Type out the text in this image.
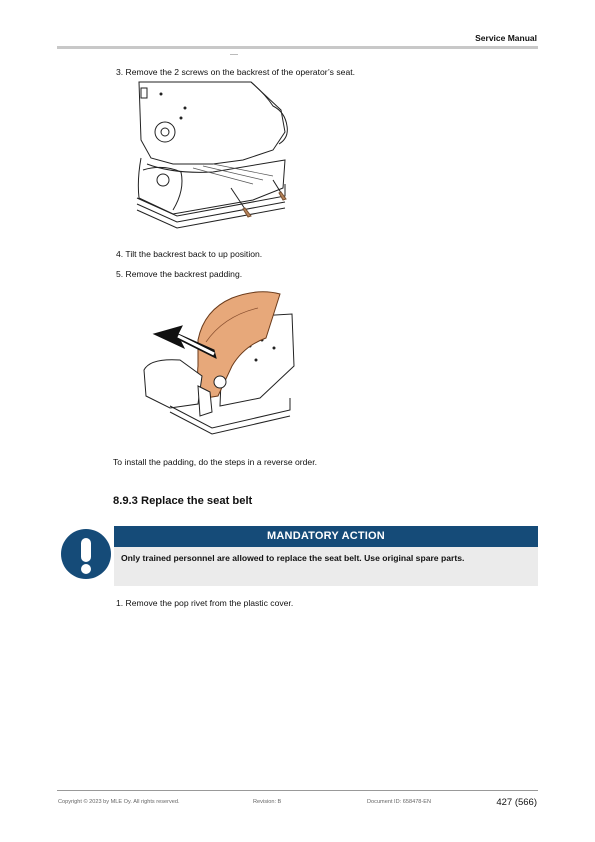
Service Manual
3. Remove the 2 screws on the backrest of the operator’s seat.
4. Tilt the backrest back to up position.
5. Remove the backrest padding.
To install the padding, do the steps in a reverse order.
8.9.3 Replace the seat belt
MANDATORY ACTION
Only trained personnel are allowed to replace the seat belt. Use original spare parts.
1. Remove the pop rivet from the plastic cover.
Copyright © 2023 by MLE Oy. All rights reserved.	Revision: B	Document ID: 658478-EN	427 (566)
